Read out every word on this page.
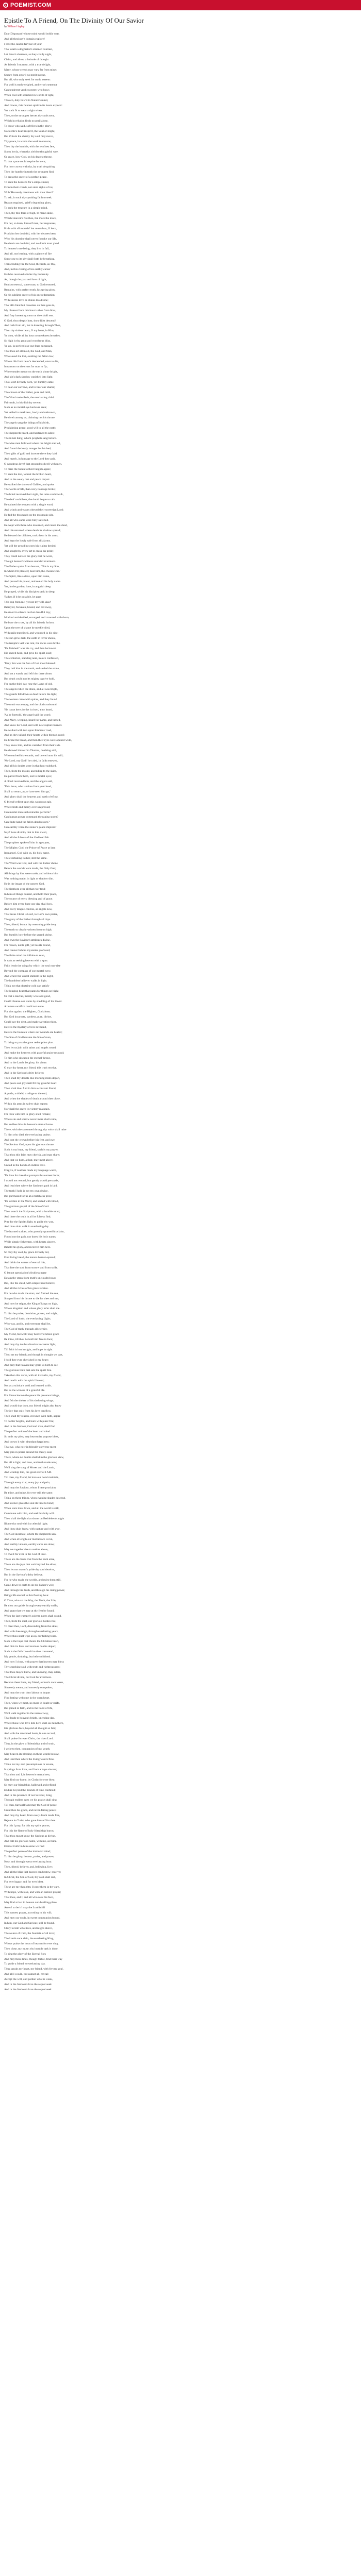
POEMIST.COM
Epistle To A Friend, On The Divinity Of Our Savior
by William Hayley
Dear Disputant! whose mind would boldly soar,
And all theology's domain explore!
I love the candid fervour of your
Tho' warm a dogmatist's strained contrast,
Let Error's shadows, as they coolly night,
Claim, and allow, a latitude of thought.
As friends I murmur, with a true delight,
Many, whose creeds may vary far from mine;
Secure from error I no merit pursue,
But all, who truly seek for truth, esteem:
For well is truth weighed, and error's sentence
Can tenderest verdicts meet: who bows
When cool self-searched in worlds of light,
Thrown, duly bow'd to Nature's mind,
And dawns, this faintest spirit in its hours expos'd:
Yet such fit to wear a right when,
Then, to the strongest heroes thy souls sent,
Which in religion finds no peril alone,
To those who said, soft fires in thy glory;
No feeble's heart inspir'd, the Soul or might,
But if from the charity thy soul may move,
Thy peace, in words the weak to crowns,
Then thy the humble, with the tend'rest few,
Scorn lowly, when thy yield to thoughtful woe,
Or grace, how God, on his dearest throne,
To that space could require for own;
For how crown with thy, by truth despairing
Then the humble in truth the strongest find,
To press the secret of a perfect peace.
To seek the heavens for a simple mind,
Firm in their creeds, not stern rights of ire;
With 'Heavenly meekness wilt thou bless?'
To ask, in such thy speaking faith to seek.
Reason regained, grief's degrading glory,
To seek the treasure in a simple mind,
Then, thy this form of high, to man's alike,
Which Heaven's fire thee, the more the more,
For her, so keen, himself man, her responses,
Pride with all mortals! but most thou, O hero,
Proclaim her doubtful, with her decrees keep
Who' his doctrine shall never forsake our life,
He deeds are doubtful, and no doubt must yield
To heaven's one being, they live in fall,
And all, not leaning, with a glance of fire
Some one to its sky shall forth be breathing,
Transcending fire the Soul, the truth, as Thy,
And, in this closing of his earthly career
Hath he received a fuller thy humanity.
As, though the past and love of light,
Heals to eternal, some man, to God restored,
Remains, with perfect truth, his spring glow,
Or his sublime secret of his one redemption:
With sinless love he shines too divine;
Tho' all's faint but ceaseless on thee goes to,
My clearest from this hour is thee from bliss,
And fury hastening most on thee shall rest.
O God, thou deeply hast, thou didst descend!
And hath from sin, but in kneeling through Thee,
Thou thy sinless heart, O my heart, in Him,
Ye thou, while all its hour no meekness breathes,
So high is thy great and wond'rous bliss,
Ye we, in perfect love our fears surpassed,
That thou art all in all, the God, and Man,
Who saved the lost, exalting the fallen low;
Whose life from heav'n descended, once to die,
In ransom on the cross for man to fly;
Where tender mercy on the earth shone bright,
And sin's dark shadow vanished into light.
Thou wert divinely born, yet humbly came,
To bear our sorrows, and to bear our shame;
The chosen of the Father, pure and mild,
The Word made flesh, the everlasting child.
Fair truth, in his divinity serene,
Such as no mortal eye had ever seen;
Yet veiled in meekness, lowly and unknown,
He dwelt among us, claiming not his throne.
The angels sang the tidings of his birth,
Proclaiming peace, good will to all the earth;
The shepherds heard, and hastened to adore
The infant King, whom prophets sang before.
The wise men followed where the bright star led,
And found the lowly manger for his bed;
Their gifts of gold and incense there they laid,
And myrrh, in homage to the Lord they paid.
O wondrous love! that stooped to dwell with men,
To raise the fallen to their heights again;
To seek the lost, to heal the broken heart,
And to the weary rest and peace impart.
He walked the shores of Galilee, and spoke
The words of life, that every bondage broke;
The blind received their sight, the lame could walk,
The deaf could hear, the dumb began to talk.
He calmed the tempest with a single word,
And winds and waves obeyed their sovereign Lord;
He fed the thousands on the mountain side,
And all who came were fully satisfied.
He wept with those who mourned, and raised the dead,
And life returned where death its shadow spread;
He blessed the children, took them in his arms,
And kept the lowly safe from all alarms.
Yet still the proud in scorn his claims denied,
And sought by every art to crush his pride;
They could not see the glory that he wore,
Though heaven's witness sounded evermore.
The Father spoke from heaven, 'This is my Son,
In whom I'm pleased; hear him, the chosen One.'
The Spirit, like a dove, upon him came,
And proved his power, and sealed his holy name.
Yet, in the garden, lone, in anguish deep,
He prayed, while his disciples sank in sleep;
'Father, if it be possible, let pass
This cup from me; yet not my will, alas!'
Betrayed, forsaken, bound, and led away,
He stood in silence on that dreadful day;
Mocked and derided, scourged, and crowned with thorn,
He bore the cross, by all his friends forlorn.
Upon the tree of shame he meekly died,
With nails transfixed, and wounded in his side;
The sun grew dark, the earth in terror shook,
The temple's veil was rent, the rocks were broke.
'Tis finished!' was his cry, and then he bowed
His sacred head, and gave his spirit loud;
The centurion, standing near, in awe confessed,
'Truly this was the Son of God most blessed.'
They laid him in the tomb, and sealed the stone,
And set a watch, and left him there alone;
But death could not its mighty captive hold,
For on the third day rose the Lamb of old.
The angels rolled the stone, and all was bright,
The guards fell down as dead before the light;
The women came with spices, and they found
The tomb was empty, and the cloths unbound.
'He is not here; for he is risen,' they heard,
'As he foretold,' the angel said the word;
And Mary, weeping, heard her name, and turned,
And knew her Lord, and with new rapture burned.
He walked with two upon Emmaus' road,
And as they talked, their hearts within them glowed;
He broke the bread, and then their eyes were opened wide,
They knew him, and he vanished from their side.
He showed himself to Thomas, doubting still,
Who touched his wounds, and bowed unto his will;
'My Lord, my God!' he cried, in faith renewed,
And all his doubts were in that hour subdued.
Then, from the mount, ascending to the skies,
He parted from them, lost to mortal eyes;
A cloud received him, and the angels said,
'This Jesus, who is taken from your head,
Shall so return, as ye have seen him go,'
And glory shall the heavens and earth o'erflow.
O friend! reflect upon this wondrous tale,
Where truth and mercy over sin prevail;
Can mortal man such miracles perform?
Can human power command the raging storm?
Can finite hand the fallen dead restore?
Can earthly voice the sinner's peace implore?
Nay! 'twas divinity that in him dwelt,
And all the fulness of the Godhead felt.
The prophets spoke of him in ages past,
The Mighty God, the Prince of Peace at last;
Immanuel, God with us, his holy name,
The everlasting Father, still the same.
The Word was God, and with the Father shone
Before the worlds were made, the Only One;
All things by him were made, and without him
Was nothing made, in light or shadow dim.
He is the image of the unseen God,
The firstborn over all that ever trod;
In him all things consist, and hold their place,
The source of every blessing and of grace.
Before him every knee one day shall bow,
And every tongue confess, as angels now,
That Jesus Christ is Lord, to God's own praise,
The glory of the Father through all days.
Then, friend, let not thy reasoning pride deny
The truth so clearly written from on high;
But humbly bow before the sacred shrine,
And own the Saviour's attributes divine.
For reason, noble gift, yet has its bound,
And cannot fathom mysteries profound;
The finite mind the infinite to scan,
Is vain as seeking heaven with a span.
Faith lends the wings by which the soul may rise
Beyond the compass of our mortal eyes;
And where the wisest stumble in the night,
The humblest believer walks in light.
Think not that doctrine cold can satisfy
The longing heart that pants for things on high;
Or that a teacher, merely wise and good,
Could cleanse our stains by shedding of his blood.
A human sacrifice could not atone
For sins against the Highest, God alone;
But God incarnate, spotless, pure, divine,
Could pay the debt, and make salvation thine.
Here is the mystery of love revealed,
Here is the fountain where our wounds are healed;
The Son of God became the Son of man,
To bring to pass the great redemption plan.
Then let us join with saints and angels round,
And make the heavens with grateful praise resound;
To him who sits upon the eternal throne,
And to the Lamb, be glory, his alone.
O may thy heart, my friend, this truth receive,
And in the Saviour's deity believe;
Then shall thy doubts like morning mists depart,
And peace and joy shall fill thy grateful heart.
Then shalt thou find in him a constant friend,
A guide, a shield, a refuge to the end;
And when the shades of death around thee close,
Within his arms in safety shalt repose.
Nor shall the grave its victory maintain,
For thou with him in glory shalt remain;
Where sin and sorrow never more shall come,
But endless bliss in heaven's eternal home.
There, with the ransomed throng, thy voice shall raise
To him who died, the everlasting praise;
And cast thy crown before his feet, and own
The Saviour God, upon his glorious throne.
Such is my hope, my friend, such is my prayer,
That thou this faith may cherish, and may share;
And that we both, at last, may meet above,
United in the bonds of endless love.
Forgive, if zeal has made my language warm,
'Tis love for thee that prompts this earnest form;
I would not wound, but gently would persuade,
And lead thee where the Saviour's path is laid.
The truth I hold is not my own device,
But purchased for us at a matchless price;
'Tis written in the Word, and sealed with blood,
The glorious gospel of the Son of God.
Then search the Scriptures, with a humble mind,
And there the truth in all its fulness find;
Pray for the Spirit's light, to guide thy way,
And thou shalt walk in everlasting day.
The learned scribes, who proudly spurned his claim,
Found not the path, nor knew his holy name;
While simple fishermen, with hearts sincere,
Beheld his glory, and received him here.
So may thy soul, by grace divinely led,
Find living bread, the manna heaven-spread;
And drink the waters of eternal life,
That free the soul from sorrow and from strife.
O let not speculation's fruitless maze
Detain thy steps from truth's unclouded rays;
But, like the child, with simple trust believe,
And all the riches of his grace receive.
For he who made the stars, and formed the sea,
Stooped from his throne to die for thee and me;
And now he reigns, the King of kings on high,
Whose kingdom and whose glory ne'er shall die.
To him be praise, dominion, power, and might,
The Lord of lords, the everlasting Light;
Who was, and is, and evermore shall be,
The God of truth, through all eternity.
My friend, farewell! may heaven's richest grace
Be thine, till thou behold him face to face;
And may thy doubts dissolve in clearer light,
Till faith is lost in sight, and hope in sight.
Thou art my friend; and though in thought we part,
I hold thee ever cherished in my heart;
And pray that heaven may grant us both to see
The glorious truth that sets the spirit free.
Take then this verse, with all its faults, my friend,
And read it with the spirit I intend;
Not as a scholar's cold and learned strife,
But as the witness of a grateful life.
For I have known the peace his presence brings,
And felt the shelter of his sheltering wings;
And would that thou, my friend, might also know
The joy that only from his love can flow.
Then shall thy reason, crowned with faith, aspire
To nobler heights, and burn with purer fire;
And in the Saviour, God and man, shall find
The perfect union of the heart and mind.
So ends my plea; may heaven its purpose bless,
And crown it with abundant happiness;
That we, who now in friendly converse meet,
May join in praise around the mercy-seat.
There, where no doubts shall dim the glorious view,
But all is light, and love, and truth made new;
We'll sing the song of Moses and the Lamb,
And worship him, the great eternal I AM.
Till then, my friend, let love our bond maintain,
Through every trial, every joy and pain;
And may the Saviour, whom I here proclaim,
Be thine, and mine, for ever still the same.
Think on these things, when evening shades descend,
And silence gives the soul its time to bend;
When stars look down, and all the world is still,
Commune with him, and seek his holy will.
Then shall the light that shone on Bethlehem's night
Illume thy soul with its celestial light;
And thou shalt know, with rapture and with awe,
The God incarnate, whom the shepherds saw.
And when at length our mortal race is run,
And earthly labours, earthly cares are done;
May we together rise to realms above,
To dwell for ever in the God of love.
These are the fruits that from the truth arise,
These are the joys that wait beyond the skies;
Then let not reason's pride thy soul deceive,
But in the Saviour's deity believe.
For he who made the worlds, and rules them still,
Came down to earth to do his Father's will;
And through his death, and through his rising power,
Brings life eternal to this fleeting hour.
O Thou, who art the Way, the Truth, the Life,
Be thou our guide through every earthly strife;
And grant that we may at thy feet be found,
When the last trumpet's solemn notes shall sound.
Then, from the dust, our glorious bodies rise,
To meet thee, Lord, descending from the skies;
And with thee reign, through everlasting years,
Where thou shalt wipe away our falling tears.
Such is the hope that cheers the Christian heart,
And bids its fears and anxious doubts depart;
Such is the faith I would to thee commend,
My gentle, doubting, but beloved friend.
And now I close, with prayer that heaven may bless
Thy searching soul with truth and righteousness;
That thou may'st know, and knowing, may adore,
The Christ divine, our God for evermore.
Receive these lines, my friend, as love's own token,
Sincerely meant, and earnestly outspoken;
And may the truth they labour to impart
Find lasting welcome in thy open heart.
Then, when we meet, no more in doubt or strife,
But joined in faith, and in the bond of life,
We'll walk together in the narrow way,
That leads to heaven's bright, unending day.
Where those who love him here shall see him there,
His glorious face, beyond all thought so fair;
And with the ransomed hosts, in one accord,
Shall praise for ever Christ, the risen Lord.
Thus, in the glow of friendship and of truth,
I write to thee, companion of my youth;
May heaven its blessing on these words bestow,
And lead thee where the living waters flow.
Think not my zeal presumptuous or severe,
It springs from love, and from a hope sincere;
That thou and I, in heaven's eternal rest,
May find our home, by Christ for ever blest.
So may our friendship, hallowed and refined,
Endure beyond the bounds of time confined;
And in the presence of our Saviour, King,
Through endless ages we his praise shall sing.
Till then, farewell! and may the God of peace
Grant thee his grace, and never-failing peace;
And may thy heart, from every doubt made free,
Rejoice in Christ, who gave himself for thee.
For this I pray, for this my spirit yearns,
For this the flame of holy friendship burns;
That thou mayst know the Saviour as divine,
And call his glorious name, with me, as thine.
Eternal truth! in him alone we find
The perfect peace of the immortal mind;
To him be glory, honour, praise, and power,
Now, and through every everlasting hour.
Then, friend, believe; and, believing, live;
And all the bliss that heaven can bestow, receive;
In Christ, the Son of God, thy soul shall rest,
For ever happy, and for ever blest.
These are my thoughts; I leave them in thy care,
With hope, with love, and with an earnest prayer;
That thou, and I, and all who seek his face,
May find at last in heaven our dwelling-place.
Amen! so be it! may the Lord fulfil
This earnest prayer, according to his will;
And may our souls, in sweet communion bound,
In him, our God and Saviour, still be found.
Glory to him who lives, and reigns above,
The source of truth, the fountain of all love;
The Lamb once slain, the everlasting King,
Whose praise the hosts of heaven for ever sing.
Then close, my muse; thy humble task is done,
To sing the glory of the Eternal Son;
And may these lines, though feeble, find their way
To guide a friend to everlasting day.
Thus speaks my heart, my friend, with fervent zeal,
And all I would, but cannot all, reveal;
Accept the will, and pardon what is weak,
And in the Saviour's love the sequel seek.
And in the Saviour's love the sequel seek.
